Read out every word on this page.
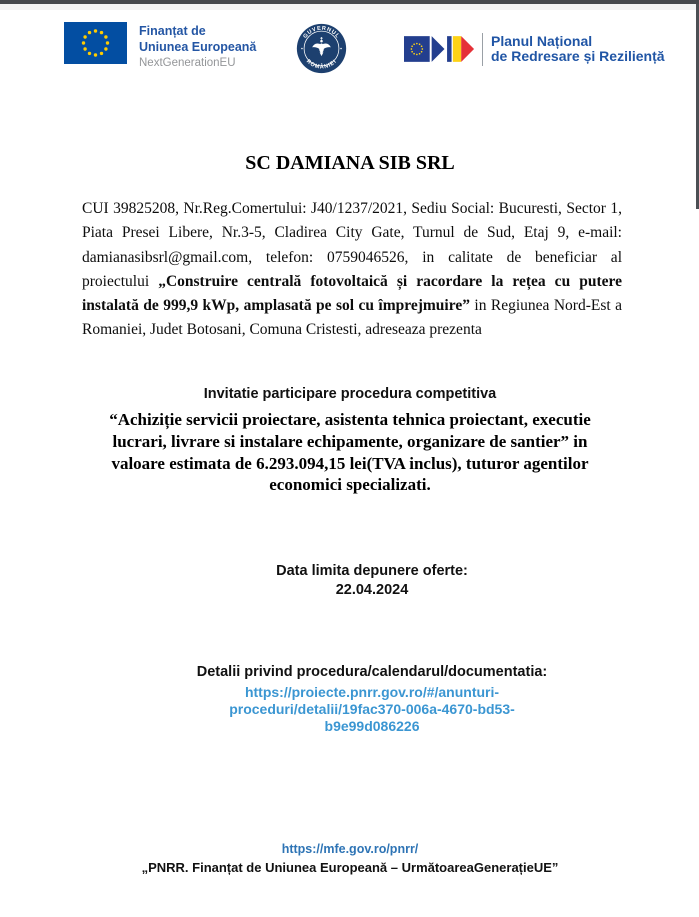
Finanțat de
Uniunea Europeană
NextGenerationEU
GUVERNUL
ROMÂNIEI
Planul Național
de Redresare și Reziliență
SC DAMIANA SIB SRL

CUI 39825208, Nr.Reg.Comertului: J40/1237/2021, Sediu Social: Bucuresti, Sector 1, Piata Presei Libere, Nr.3-5, Cladirea City Gate, Turnul de Sud, Etaj 9, e-mail: damianasibsrl@gmail.com, telefon: 0759046526, in calitate de beneficiar al proiectului „Construire centrală fotovoltaică și racordare la rețea cu putere instalată de 999,9 kWp, amplasată pe sol cu împrejmuire” in Regiunea Nord-Est a Romaniei, Judet Botosani, Comuna Cristesti, adreseaza prezenta

Invitatie participare procedura competitiva
“Achiziție servicii proiectare, asistenta tehnica proiectant, executie lucrari, livrare si instalare echipamente, organizare de santier” in valoare estimata de 6.293.094,15 lei(TVA inclus), tuturor agentilor economici specializati.
Data limita depunere oferte:
22.04.2024
Detalii privind procedura/calendarul/documentatia:
https://proiecte.pnrr.gov.ro/#/anunturi-
proceduri/detalii/19fac370-006a-4670-bd53-
b9e99d086226
https://mfe.gov.ro/pnrr/
„PNRR. Finanțat de Uniunea Europeană – UrmătoareaGenerațieUE”
